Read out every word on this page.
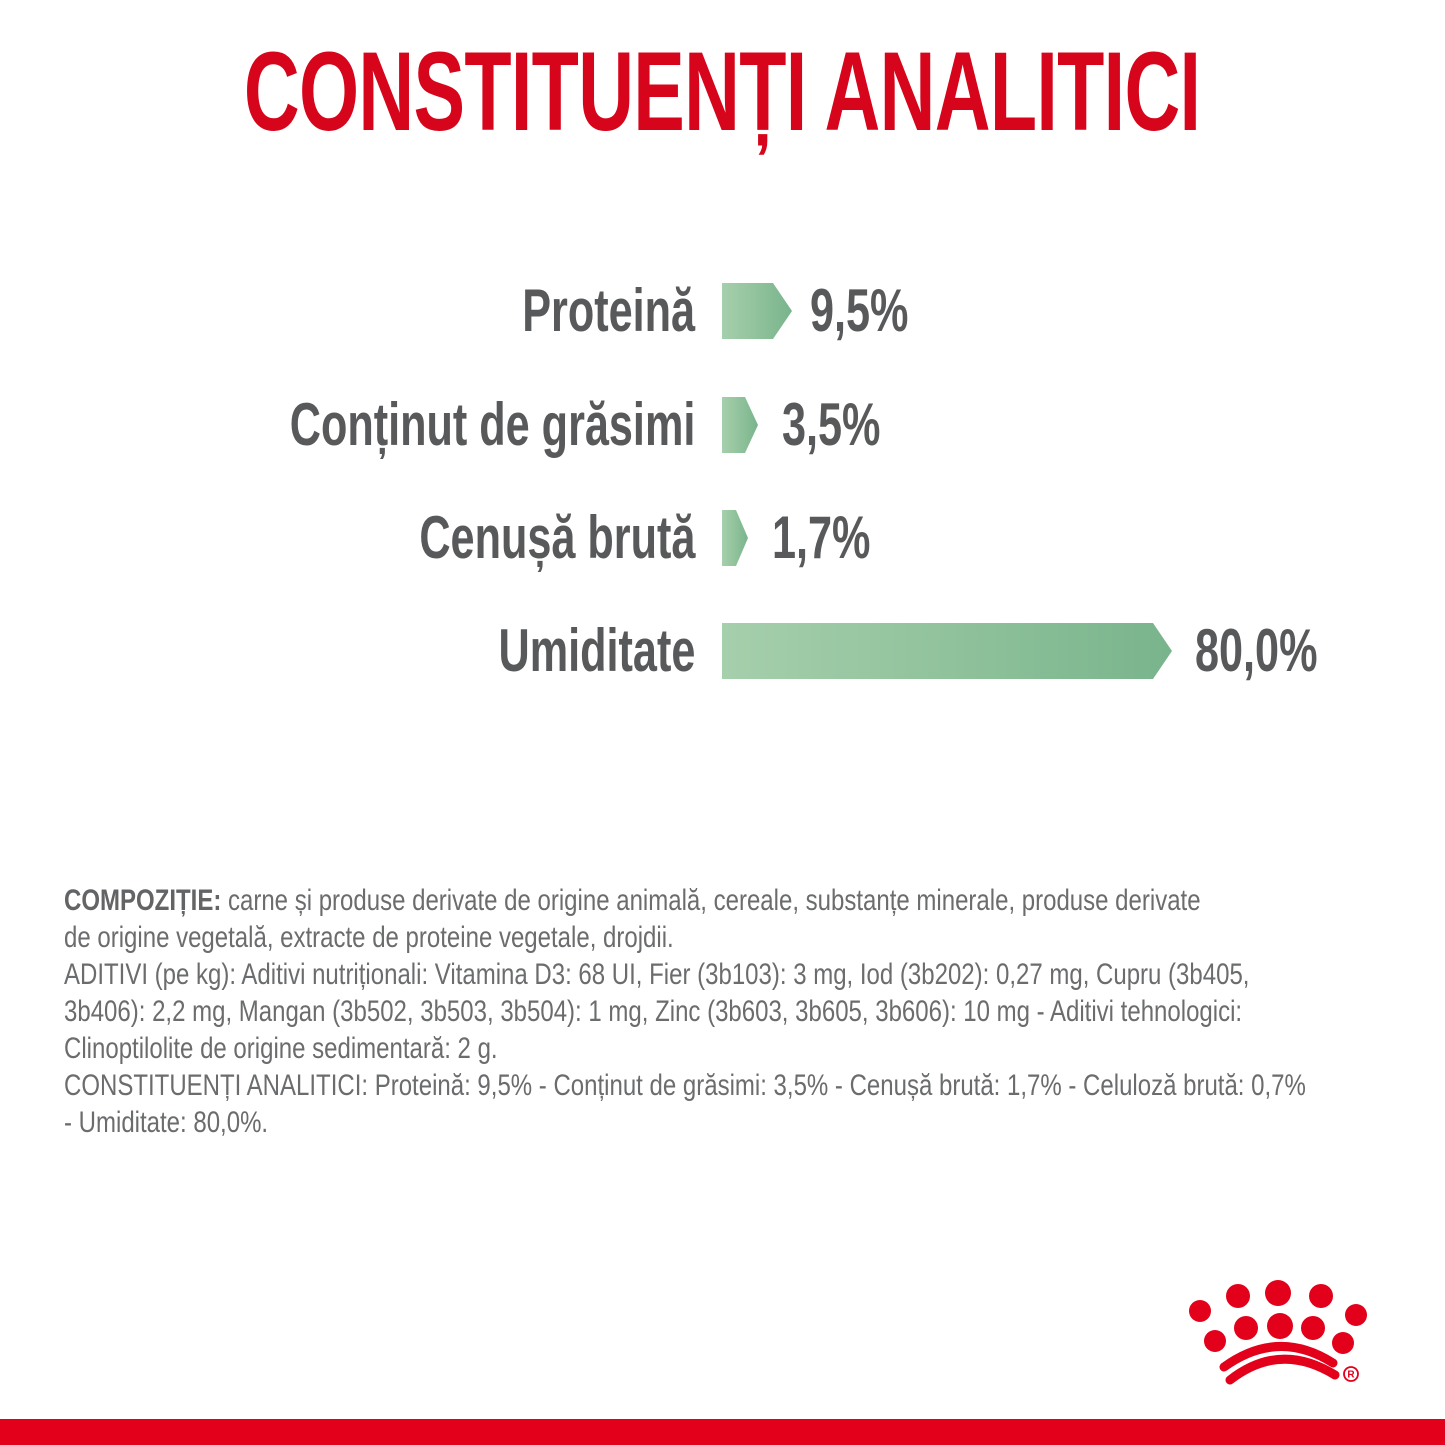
CONSTITUENȚI ANALITICI
Proteină 9,5%
Conținut de grăsimi 3,5%
Cenușă brută 1,7%
Umiditate	80,0%
COMPOZIȚIE: carne și produse derivate de origine animală, cereale, substanțe minerale, produse derivate
de origine vegetală, extracte de proteine vegetale, drojdii.
ADITIVI (pe kg): Aditivi nutriționali: Vitamina D3: 68 UI, Fier (3b103): 3 mg, Iod (3b202): 0,27 mg, Cupru (3b405,
3b406): 2,2 mg, Mangan (3b502, 3b503, 3b504): 1 mg, Zinc (3b603, 3b605, 3b606): 10 mg - Aditivi tehnologici:
Clinoptilolite de origine sedimentară: 2 g.
CONSTITUENȚI ANALITICI: Proteină: 9,5% - Conținut de grăsimi: 3,5% - Cenușă brută: 1,7% - Celuloză brută: 0,7%
- Umiditate: 80,0%.
R
